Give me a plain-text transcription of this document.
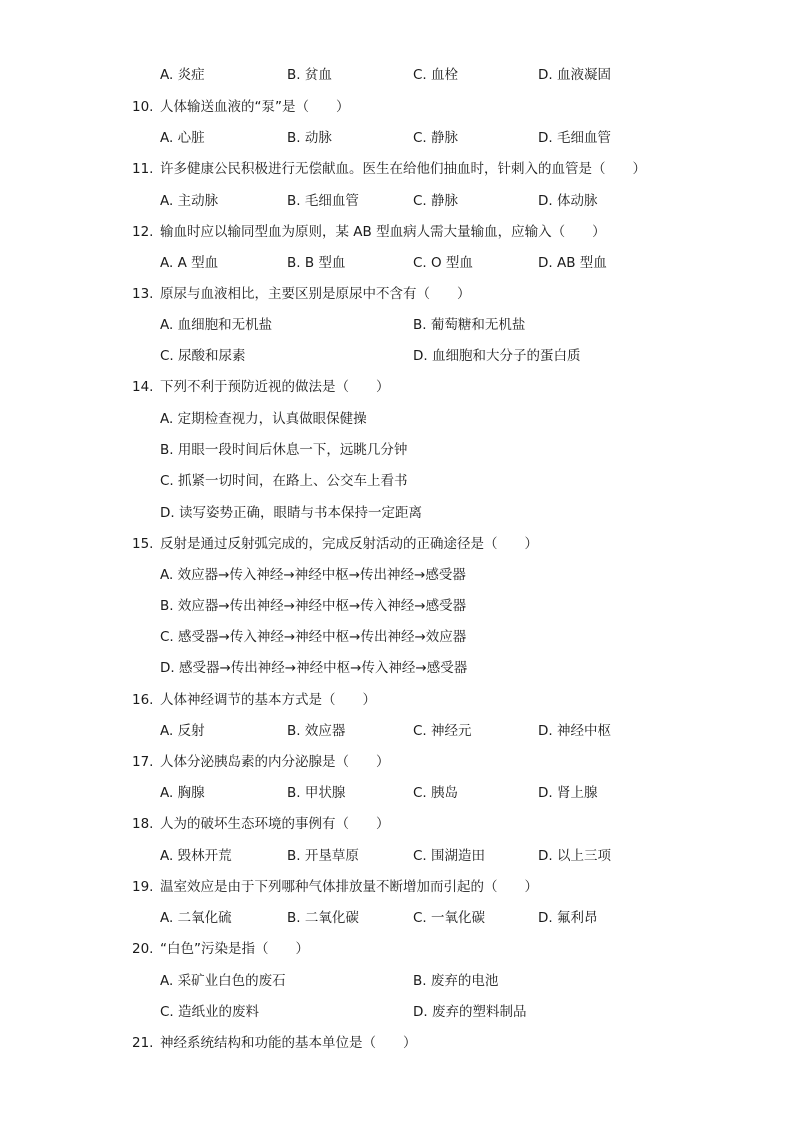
A. 炎症	B. 贫血	C. 血栓	D. 血液凝固
10. 人体输送血液的“泵”是（　　）
A. 心脏	B. 动脉	C. 静脉	D. 毛细血管
11. 许多健康公民积极进行无偿献血。医生在给他们抽血时，针刺入的血管是（　　）
A. 主动脉	B. 毛细血管	C. 静脉	D. 体动脉
12. 输血时应以输同型血为原则，某 AB 型血病人需大量输血，应输入（　　）
A. A 型血	B. B 型血	C. O 型血	D. AB 型血
13. 原尿与血液相比，主要区别是原尿中不含有（　　）
A. 血细胞和无机盐	B. 葡萄糖和无机盐
C. 尿酸和尿素	D. 血细胞和大分子的蛋白质
14. 下列不利于预防近视的做法是（　　）
A. 定期检查视力，认真做眼保健操
B. 用眼一段时间后休息一下，远眺几分钟
C. 抓紧一切时间，在路上、公交车上看书
D. 读写姿势正确，眼睛与书本保持一定距离
15. 反射是通过反射弧完成的，完成反射活动的正确途径是（　　）
A. 效应器→传入神经→神经中枢→传出神经→感受器
B. 效应器→传出神经→神经中枢→传入神经→感受器
C. 感受器→传入神经→神经中枢→传出神经→效应器
D. 感受器→传出神经→神经中枢→传入神经→感受器
16. 人体神经调节的基本方式是（　　）
A. 反射	B. 效应器	C. 神经元	D. 神经中枢
17. 人体分泌胰岛素的内分泌腺是（　　）
A. 胸腺	B. 甲状腺	C. 胰岛	D. 肾上腺
18. 人为的破坏生态环境的事例有（　　）
A. 毁林开荒	B. 开垦草原	C. 围湖造田	D. 以上三项
19. 温室效应是由于下列哪种气体排放量不断增加而引起的（　　）
A. 二氧化硫	B. 二氧化碳	C. 一氧化碳	D. 氟利昂
20. “白色”污染是指（　　）
A. 采矿业白色的废石	B. 废弃的电池
C. 造纸业的废料	D. 废弃的塑料制品
21. 神经系统结构和功能的基本单位是（　　）
